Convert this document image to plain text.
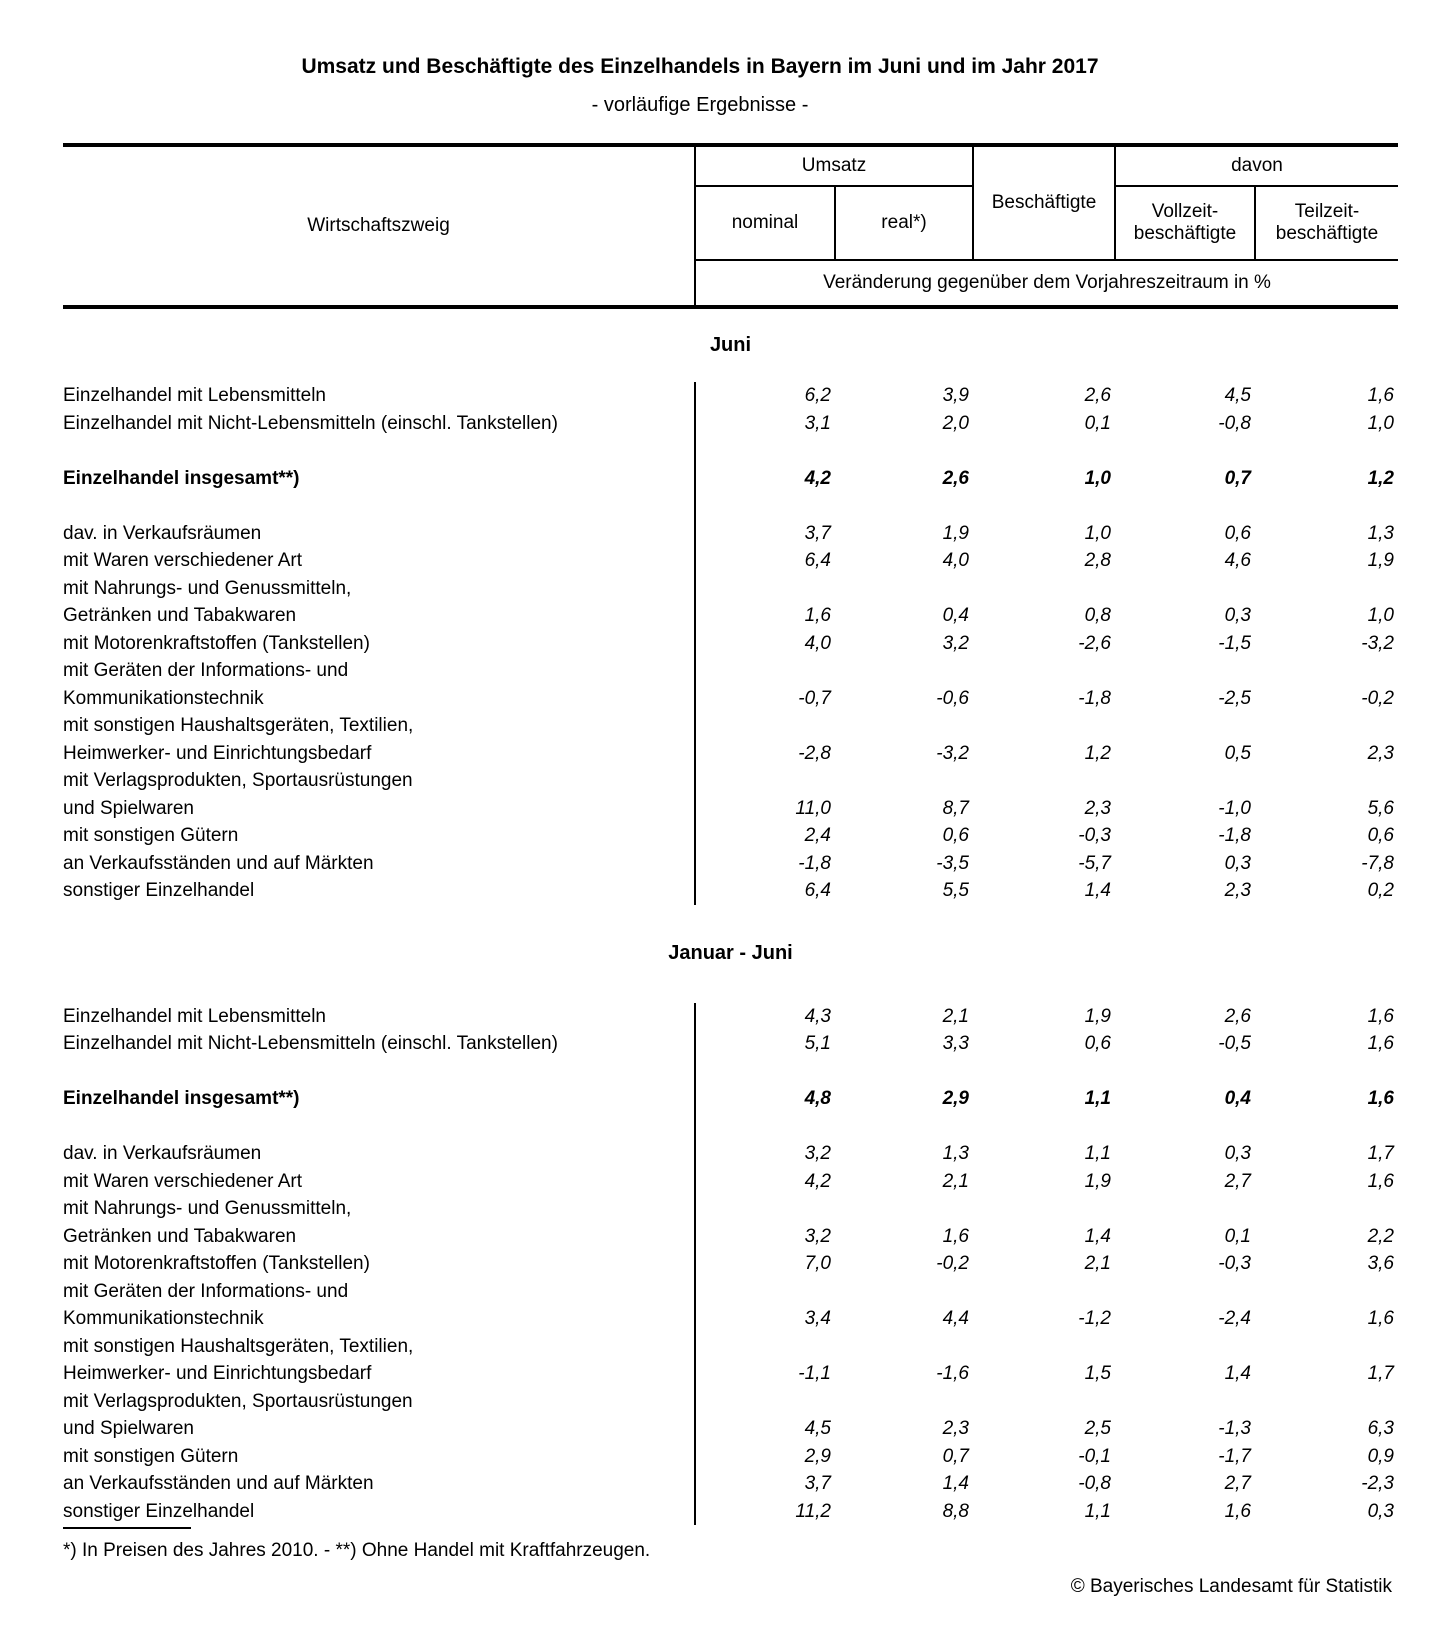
Umsatz und Beschäftigte des Einzelhandels in Bayern im Juni und im Jahr 2017
- vorläufige Ergebnisse -
Wirtschaftszweig	Umsatz		Beschäftigte	davon	
	nominal	real*)		Vollzeit-beschäftigte	Teilzeit-beschäftigte
	Veränderung gegenüber dem Vorjahreszeitraum in %				
Juni					
Einzelhandel mit Lebensmitteln	6,2	3,9	2,6	4,5	1,6
Einzelhandel mit Nicht-Lebensmitteln (einschl. Tankstellen)	3,1	2,0	0,1	-0,8	1,0

Einzelhandel insgesamt**)	4,2	2,6	1,0	0,7	1,2

dav. in Verkaufsräumen	3,7	1,9	1,0	0,6	1,3
mit Waren verschiedener Art	6,4	4,0	2,8	4,6	1,9
mit Nahrungs- und Genussmitteln,					
Getränken und Tabakwaren	1,6	0,4	0,8	0,3	1,0
mit Motorenkraftstoffen (Tankstellen)	4,0	3,2	-2,6	-1,5	-3,2
mit Geräten der Informations- und					
Kommunikationstechnik	-0,7	-0,6	-1,8	-2,5	-0,2
mit sonstigen Haushaltsgeräten, Textilien,					
Heimwerker- und Einrichtungsbedarf	-2,8	-3,2	1,2	0,5	2,3
mit Verlagsprodukten, Sportausrüstungen					
und Spielwaren	11,0	8,7	2,3	-1,0	5,6
mit sonstigen Gütern	2,4	0,6	-0,3	-1,8	0,6
an Verkaufsständen und auf Märkten	-1,8	-3,5	-5,7	0,3	-7,8
sonstiger Einzelhandel	6,4	5,5	1,4	2,3	0,2
Januar - Juni					
Einzelhandel mit Lebensmitteln	4,3	2,1	1,9	2,6	1,6
Einzelhandel mit Nicht-Lebensmitteln (einschl. Tankstellen)	5,1	3,3	0,6	-0,5	1,6

Einzelhandel insgesamt**)	4,8	2,9	1,1	0,4	1,6

dav. in Verkaufsräumen	3,2	1,3	1,1	0,3	1,7
mit Waren verschiedener Art	4,2	2,1	1,9	2,7	1,6
mit Nahrungs- und Genussmitteln,					
Getränken und Tabakwaren	3,2	1,6	1,4	0,1	2,2
mit Motorenkraftstoffen (Tankstellen)	7,0	-0,2	2,1	-0,3	3,6
mit Geräten der Informations- und					
Kommunikationstechnik	3,4	4,4	-1,2	-2,4	1,6
mit sonstigen Haushaltsgeräten, Textilien,					
Heimwerker- und Einrichtungsbedarf	-1,1	-1,6	1,5	1,4	1,7
mit Verlagsprodukten, Sportausrüstungen					
und Spielwaren	4,5	2,3	2,5	-1,3	6,3
mit sonstigen Gütern	2,9	0,7	-0,1	-1,7	0,9
an Verkaufsständen und auf Märkten	3,7	1,4	-0,8	2,7	-2,3
sonstiger Einzelhandel	11,2	8,8	1,1	1,6	0,3
*) In Preisen des Jahres 2010. - **) Ohne Handel mit Kraftfahrzeugen.
© Bayerisches Landesamt für Statistik
